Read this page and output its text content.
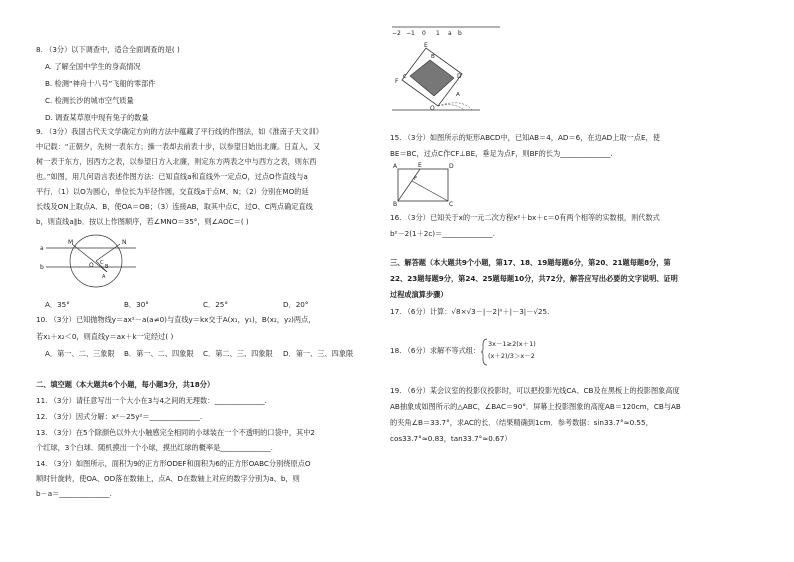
8. （3分）以下调查中，适合全面调查的是( )
A. 了解全国中学生的身高情况
B. 检测“神舟十八号”飞船的零部件
C. 检测长沙的城市空气质量
D. 调查某草原中现有兔子的数量
9. （3分）我国古代天文学确定方向的方法中蕴藏了平行线的作图法，如《淮南子天文训》
中记载：“正朝夕，先树一表东方；操一表却去前表十步，以参望日始出北廉。日直入，又
树一表于东方，因西方之表，以参望日方入北廉，则定东方两表之中与西方之表，则东西
也。”如图，用几何语言表述作图方法：已知直线a和直线外一定点O，过点O作直线与a
平行．（1）以O为圆心，单位长为半径作圆，交直线a于点M、N；（2）分别在MO的延
长线及ON上取点A、B，使OA＝OB；（3）连接AB，取其中点C，过O、C两点确定直线
b，则直线a∥b．按以上作图顺序，若∠MNO＝35°，则∠AOC＝( )
M	N
O C
B
A
a
b
A．35°	B．30°	C．25°	D．20°
10. （3分）已知抛物线y＝ax²－a(a≠0)与直线y＝kx交于A(x₁，y₁)，B(x₂，y₂)两点，
若x₁＋x₂＜0，则直线y＝ax＋k一定经过( )
A．第一、二、三象限 B．第一、二、四象限 C．第二、三、四象限 D．第一、三、四象限
二、填空题（本大题共6个小题，每小题3分，共18分）
11. （3分）请任意写出一个大小在3与4之间的无理数：______________.
12. （3分）因式分解：x²－25y²＝______________.
13. （3分）在5个除颜色以外大小触感完全相同的小球装在一个不透明的口袋中，其中2
个红球，3个白球．随机摸出一个小球，摸出红球的概率是______________.
14. （3分）如图所示，面积为9的正方形ODEF和面积为6的正方形OABC分别绕原点O
顺时针旋转，使OA、OD落在数轴上，点A、D在数轴上对应的数字分别为a、b，则
b－a＝______________.
−2 −1 0 1 a b
E
F
C	D
O
A
B
15. （3分）如图所示的矩形ABCD中，已知AB＝4，AD＝6，在边AD上取一点E，使
BE＝BC，过点C作CF⊥BE，垂足为点F，则BF的长为______________.
A	E	D
F
B	C
16. （3分）已知关于x的一元二次方程x²＋bx＋c＝0有两个相等的实数根，则代数式
b²－2(1＋2c)＝______________.
三、解答题（本大题共9个小题，第17、18、19题每题6分，第20、21题每题8分，第
22、23题每题9分，第24、25题每题10分，共72分，解答应写出必要的文字说明、证明
过程或演算步骤）
17. （6分）计算：√8×√3－|－2|⁰＋|－3|－√25.
18. （6分）求解不等式组：
3x－1≥2(x＋1)
(x＋2)/3＞x－2
19. （6分）某会议室的投影仪投影时，可以把投影光线CA、CB及在黑板上的投影图象高度
AB抽象成如图所示的△ABC，∠BAC＝90°．屏幕上投影图象的高度AB＝120cm，CB与AB
的夹角∠B＝33.7°，求AC的长．（结果精确到1cm．参考数据：sin33.7°≈0.55，
cos33.7°≈0.83，tan33.7°≈0.67）
